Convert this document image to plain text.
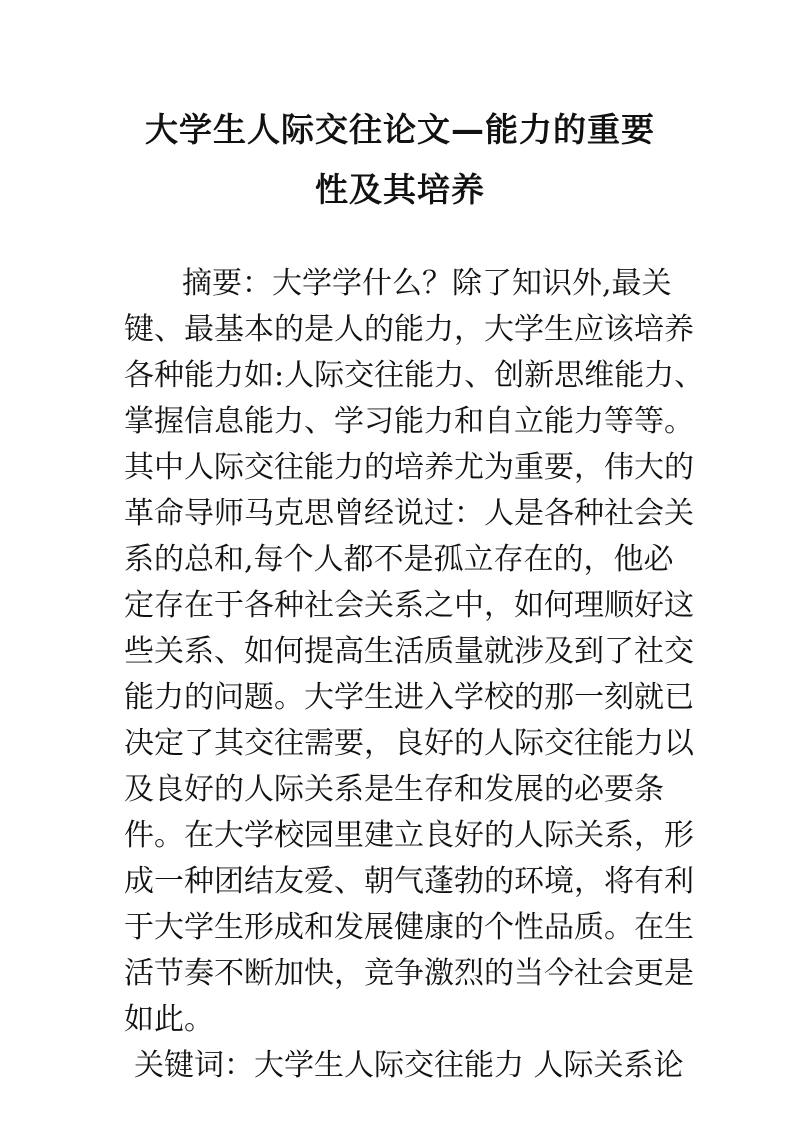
大学生人际交往论文—能力的重要
性及其培养
摘要：大学学什么？除了知识外,最关
键、最基本的是人的能力，大学生应该培养
各种能力如:人际交往能力、创新思维能力、
掌握信息能力、学习能力和自立能力等等。
其中人际交往能力的培养尤为重要，伟大的
革命导师马克思曾经说过：人是各种社会关
系的总和,每个人都不是孤立存在的，他必
定存在于各种社会关系之中，如何理顺好这
些关系、如何提高生活质量就涉及到了社交
能力的问题。大学生进入学校的那一刻就已
决定了其交往需要，良好的人际交往能力以
及良好的人际关系是生存和发展的必要条
件。在大学校园里建立良好的人际关系，形
成一种团结友爱、朝气蓬勃的环境，将有利
于大学生形成和发展健康的个性品质。在生
活节奏不断加快，竞争激烈的当今社会更是
如此。
关键词：大学生人际交往能力 人际关系论
